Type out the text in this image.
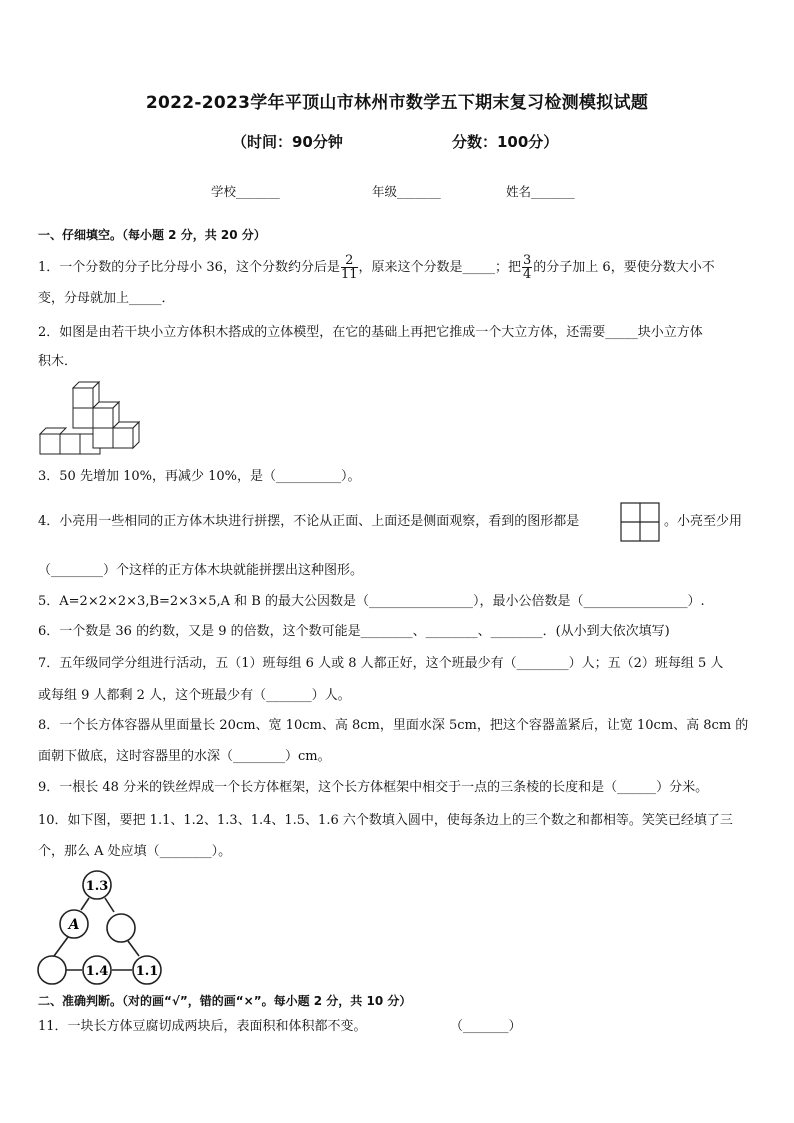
2022-2023学年平顶山市林州市数学五下期末复习检测模拟试题
（时间：90分钟	分数：100分）
学校_______	年级_______	姓名_______
一、仔细填空。（每小题 2 分，共 20 分）
1．一个分数的分子比分母小 36，这个分数约分后是 $\frac{2}{11}$ ，原来这个分数是_____；把 $\frac{3}{4}$ 的分子加上 6，要使分数大小不
变，分母就加上_____．
2．如图是由若干块小立方体积木搭成的立体模型，在它的基础上再把它推成一个大立方体，还需要_____块小立方体
积木．
3．50 先增加 10%，再减少 10%，是（__________）。
4．小亮用一些相同的正方体木块进行拼摆，不论从正面、上面还是侧面观察，看到的图形都是	。小亮至少用
（________）个这样的正方体木块就能拼摆出这种图形。
5．A=2×2×2×3,B=2×3×5,A 和 B 的最大公因数是（________________），最小公倍数是（________________）.
6．一个数是 36 的约数，又是 9 的倍数，这个数可能是________、________、________．(从小到大依次填写)
7．五年级同学分组进行活动，五（1）班每组 6 人或 8 人都正好，这个班最少有（________）人；五（2）班每组 5 人
或每组 9 人都剩 2 人，这个班最少有（_______）人。
8．一个长方体容器从里面量长 20cm、宽 10cm、高 8cm，里面水深 5cm，把这个容器盖紧后，让宽 10cm、高 8cm 的
面朝下做底，这时容器里的水深（________）cm。
9．一根长 48 分米的铁丝焊成一个长方体框架，这个长方体框架中相交于一点的三条棱的长度和是（______）分米。
10．如下图，要把 1.1、1.2、1.3、1.4、1.5、1.6 六个数填入圆中，使每条边上的三个数之和都相等。笑笑已经填了三
个，那么 A 处应填（________）。
1.3
A
1.4 1.1
二、准确判断。（对的画“√”，错的画“×”。每小题 2 分，共 10 分）
11．一块长方体豆腐切成两块后，表面积和体积都不变。	（_______）
